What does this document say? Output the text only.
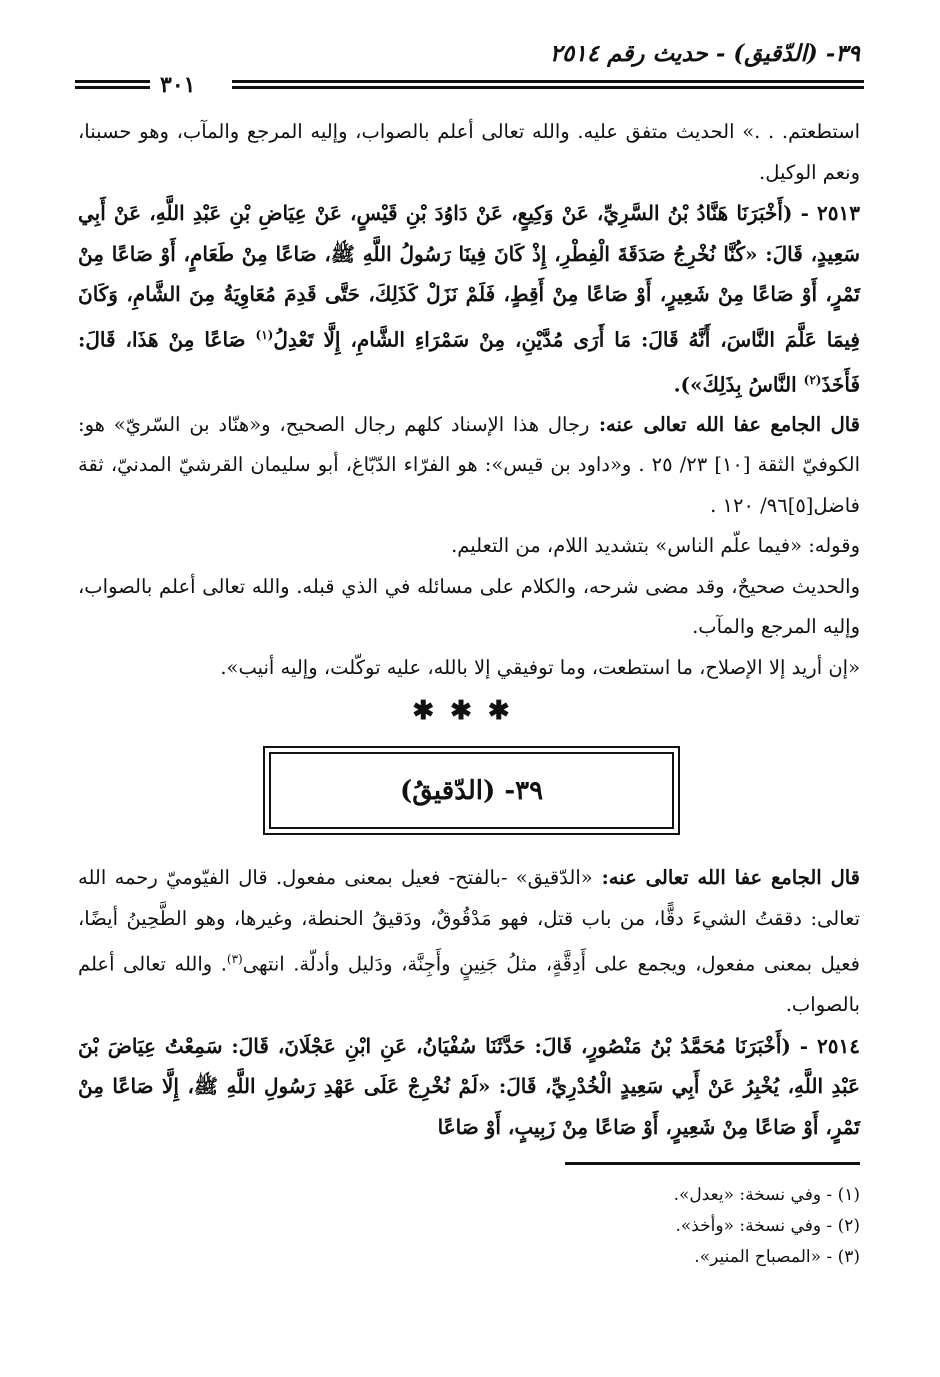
٣٩- (الدّقيق) - حديث رقم ٢٥١٤
٣٠١

استطعتم. . .» الحديث متفق عليه. والله تعالى أعلم بالصواب، وإليه المرجع والمآب، وهو حسبنا، ونعم الوكيل.

٢٥١٣ - (أَخْبَرَنَا هَنَّادُ بْنُ السَّرِيِّ، عَنْ وَكِيعٍ، عَنْ دَاوُدَ بْنِ قَيْسٍ، عَنْ عِيَاضِ بْنِ عَبْدِ اللَّهِ، عَنْ أَبِي سَعِيدٍ، قَالَ: «كُنَّا نُخْرِجُ صَدَقَةَ الْفِطْرِ، إِذْ كَانَ فِينَا رَسُولُ اللَّهِ ﷺ، صَاعًا مِنْ طَعَامٍ، أَوْ صَاعًا مِنْ تَمْرٍ، أَوْ صَاعًا مِنْ شَعِيرٍ، أَوْ صَاعًا مِنْ أَقِطٍ، فَلَمْ نَزَلْ كَذَلِكَ، حَتَّى قَدِمَ مُعَاوِيَةُ مِنَ الشَّامِ، وَكَانَ فِيمَا عَلَّمَ النَّاسَ، أَنَّهُ قَالَ: مَا أَرَى مُدَّيْنِ، مِنْ سَمْرَاءِ الشَّامِ، إِلَّا تَعْدِلُ$^{(١)}$ صَاعًا مِنْ هَذَا، قَالَ: فَأَخَذَ$^{(٢)}$ النَّاسُ بِذَلِكَ»).

قال الجامع عفا الله تعالى عنه: رجال هذا الإسناد كلهم رجال الصحيح، و«هنّاد بن السّريّ» هو: الكوفيّ الثقة [١٠] ٢٣/ ٢٥ . و«داود بن قيس»: هو الفرّاء الدّبّاغ، أبو سليمان القرشيّ المدنيّ، ثقة فاضل[٥]٩٦/ ١٢٠ .

وقوله: «فيما علّم الناس» بتشديد اللام، من التعليم.

والحديث صحيحٌ، وقد مضى شرحه، والكلام على مسائله في الذي قبله. والله تعالى أعلم بالصواب، وإليه المرجع والمآب.

«إن أريد إلا الإصلاح، ما استطعت، وما توفيقي إلا بالله، عليه توكّلت، وإليه أنيب».

✱✱✱
٣٩- (الدّقيقُ)

قال الجامع عفا الله تعالى عنه: «الدّقيق» -بالفتح- فعيل بمعنى مفعول. قال الفيّوميّ رحمه الله تعالى: دققتُ الشيءَ دقًّا، من باب قتل، فهو مَدْقُوقٌ، ودَقيقُ الحنطة، وغيرها، وهو الطَّحِينُ أيضًا، فعيل بمعنى مفعول، ويجمع على أَدِقَّةٍ، مثلُ جَنِينٍ وأَجِنَّة، ودَليل وأدلّة. انتهى$^{(٣)}$. والله تعالى أعلم بالصواب.

٢٥١٤ - (أَخْبَرَنَا مُحَمَّدُ بْنُ مَنْصُورٍ، قَالَ: حَدَّثَنَا سُفْيَانُ، عَنِ ابْنِ عَجْلَانَ، قَالَ: سَمِعْتُ عِيَاضَ بْنَ عَبْدِ اللَّهِ، يُخْبِرُ عَنْ أَبِي سَعِيدٍ الْخُدْرِيِّ، قَالَ: «لَمْ نُخْرِجْ عَلَى عَهْدِ رَسُولِ اللَّهِ ﷺ، إِلَّا صَاعًا مِنْ تَمْرٍ، أَوْ صَاعًا مِنْ شَعِيرٍ، أَوْ صَاعًا مِنْ زَبِيبٍ، أَوْ صَاعًا

(١) - وفي نسخة: «يعدل».

(٢) - وفي نسخة: «وأخذ».

(٣) - «المصباح المنير».
